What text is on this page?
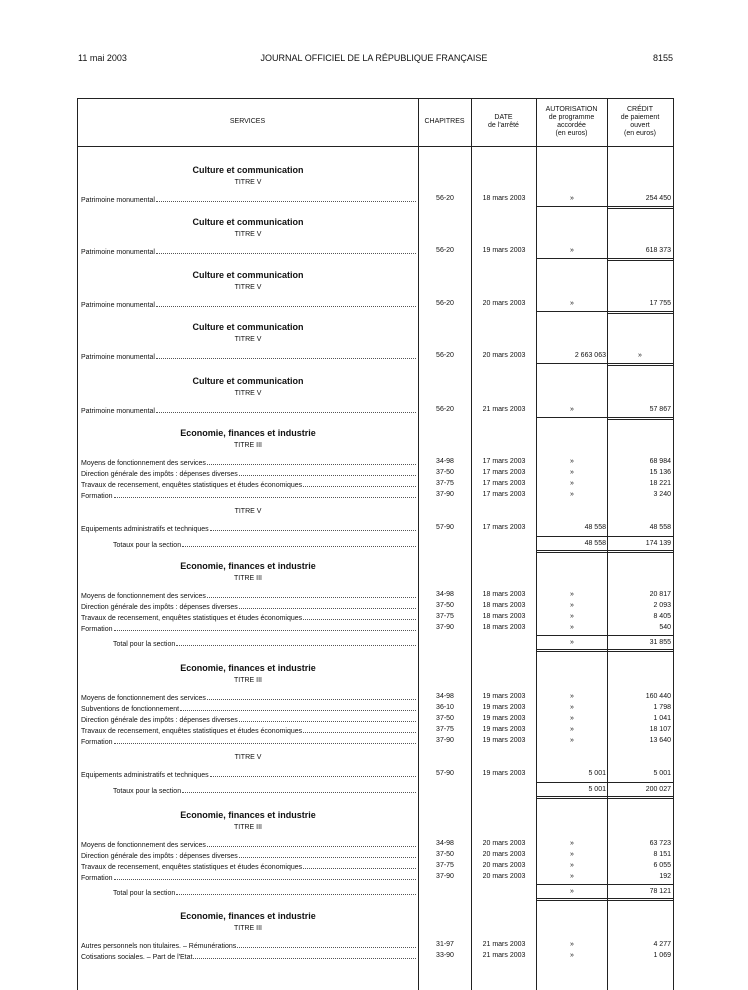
11 mai 2003	JOURNAL OFFICIEL DE LA RÉPUBLIQUE FRANÇAISE	8155
SERVICES	CHAPITRES
DATE
de l'arrêté
AUTORISATION
de programme
accordée
(en euros)
CRÉDIT
de paiement
ouvert
(en euros)
Culture et communication
TITRE V
Patrimoine monumental	56-20	18 mars 2003	»	254 450
Culture et communication
TITRE V
Patrimoine monumental	56-20	19 mars 2003	»	618 373
Culture et communication
TITRE V
Patrimoine monumental	56-20	20 mars 2003	»	17 755
Culture et communication
TITRE V
Patrimoine monumental	56-20	20 mars 2003	2 663 063	»
Culture et communication
TITRE V
Patrimoine monumental	56-20	21 mars 2003	»	57 867
Economie, finances et industrie
TITRE III
Moyens de fonctionnement des services	34-98	17 mars 2003	»	68 984
Direction générale des impôts : dépenses diverses	37-50	17 mars 2003	»	15 136
Travaux de recensement, enquêtes statistiques et études économiques	37-75	17 mars 2003	»	18 221
Formation	37-90	17 mars 2003	»	3 240
TITRE V
Equipements administratifs et techniques	57-90	17 mars 2003	48 558	48 558
Totaux pour la section	48 558	174 139
Economie, finances et industrie
TITRE III
Moyens de fonctionnement des services	34-98	18 mars 2003	»	20 817
Direction générale des impôts : dépenses diverses	37-50	18 mars 2003	»	2 093
Travaux de recensement, enquêtes statistiques et études économiques	37-75	18 mars 2003	»	8 405
Formation	37-90	18 mars 2003	»	540
Total pour la section	»	31 855
Economie, finances et industrie
TITRE III
Moyens de fonctionnement des services	34-98	19 mars 2003	»	160 440
Subventions de fonctionnement	36-10	19 mars 2003	»	1 798
Direction générale des impôts : dépenses diverses	37-50	19 mars 2003	»	1 041
Travaux de recensement, enquêtes statistiques et études économiques	37-75	19 mars 2003	»	18 107
Formation	37-90	19 mars 2003	»	13 640
TITRE V
Equipements administratifs et techniques	57-90	19 mars 2003	5 001	5 001
Totaux pour la section	5 001	200 027
Economie, finances et industrie
TITRE III
Moyens de fonctionnement des services	34-98	20 mars 2003	»	63 723
Direction générale des impôts : dépenses diverses	37-50	20 mars 2003	»	8 151
Travaux de recensement, enquêtes statistiques et études économiques	37-75	20 mars 2003	»	6 055
Formation	37-90	20 mars 2003	»	192
Total pour la section	»	78 121
Economie, finances et industrie
TITRE III
Autres personnels non titulaires. – Rémunérations	31-97	21 mars 2003	»	4 277
Cotisations sociales. – Part de l'Etat	33-90	21 mars 2003	»	1 069
